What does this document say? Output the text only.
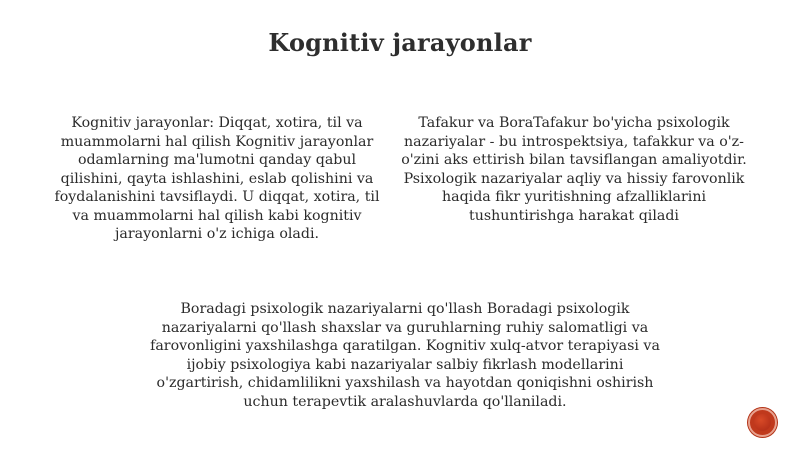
Kognitiv jarayonlar

Kognitiv jarayonlar: Diqqat, xotira, til va muammolarni hal qilish Kognitiv jarayonlar odamlarning ma'lumotni qanday qabul qilishini, qayta ishlashini, eslab qolishini va foydalanishini tavsiflaydi. U diqqat, xotira, til va muammolarni hal qilish kabi kognitiv jarayonlarni o'z ichiga oladi.

Tafakur va BoraTafakur bo'yicha psixologik nazariyalar - bu introspektsiya, tafakkur va o'z-o'zini aks ettirish bilan tavsiflangan amaliyotdir. Psixologik nazariyalar aqliy va hissiy farovonlik haqida fikr yuritishning afzalliklarini tushuntirishga harakat qiladi

Boradagi psixologik nazariyalarni qo'llash Boradagi psixologik nazariyalarni qo'llash shaxslar va guruhlarning ruhiy salomatligi va farovonligini yaxshilashga qaratilgan. Kognitiv xulq-atvor terapiyasi va ijobiy psixologiya kabi nazariyalar salbiy fikrlash modellarini o'zgartirish, chidamlilikni yaxshilash va hayotdan qoniqishni oshirish uchun terapevtik aralashuvlarda qo'llaniladi.
